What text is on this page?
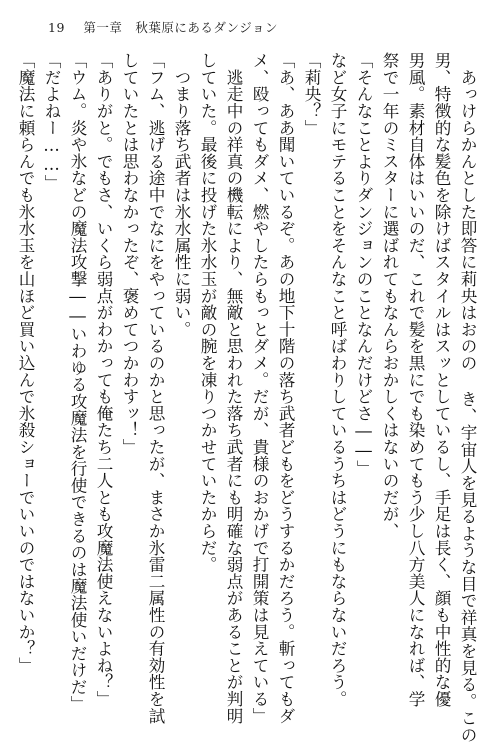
19 第一章　秋葉原にあるダンジョン
　あっけらかんとした即答に莉央はおのの き、宇宙人を見るような目で祥真を見る。この
男、特徴的な髪色を除けばスタイルはスッとしているし、手足は長く、顔も中性的な優
男風。素材自体はいいのだ、これで髪を黒にでも染めてもう少し八方美人になれば、学
祭で一年のミスターに選ばれてもなんらおかしくはないのだが、
「そんなことよりダンジョンのことなんだけどさ――」
など女子にモテることをそんなこと呼ばわりしているうちはどうにもならないだろう。
「莉央？」
「あ、ああ聞いているぞ。あの地下十階の落ち武者どもをどうするかだろう。斬ってもダ
メ、殴ってもダメ、燃やしたらもっとダメ。だが、貴様のおかげで打開策は見えている」
　逃走中の祥真の機転により、無敵と思われた落ち武者にも明確な弱点があることが判明
していた。最後に投げた氷水玉が敵の腕を凍りつかせていたからだ。
　つまり落ち武者は氷水属性に弱い。
「フム、逃げる途中でなにをやっているのかと思ったが、まさか氷雷二属性の有効性を試
していたとは思わなかったぞ、褒めてつかわすッ！」
「ありがと。でもさ、いくら弱点がわかっても俺たち二人とも攻魔法使えないよね？」
「ウム。炎や氷などの魔法攻撃――いわゆる攻魔法を行使できるのは魔法使いだけだ」
「だよねー……」
「魔法に頼らんでも氷水玉を山ほど買い込んで氷殺ショーでいいのではないか？」
